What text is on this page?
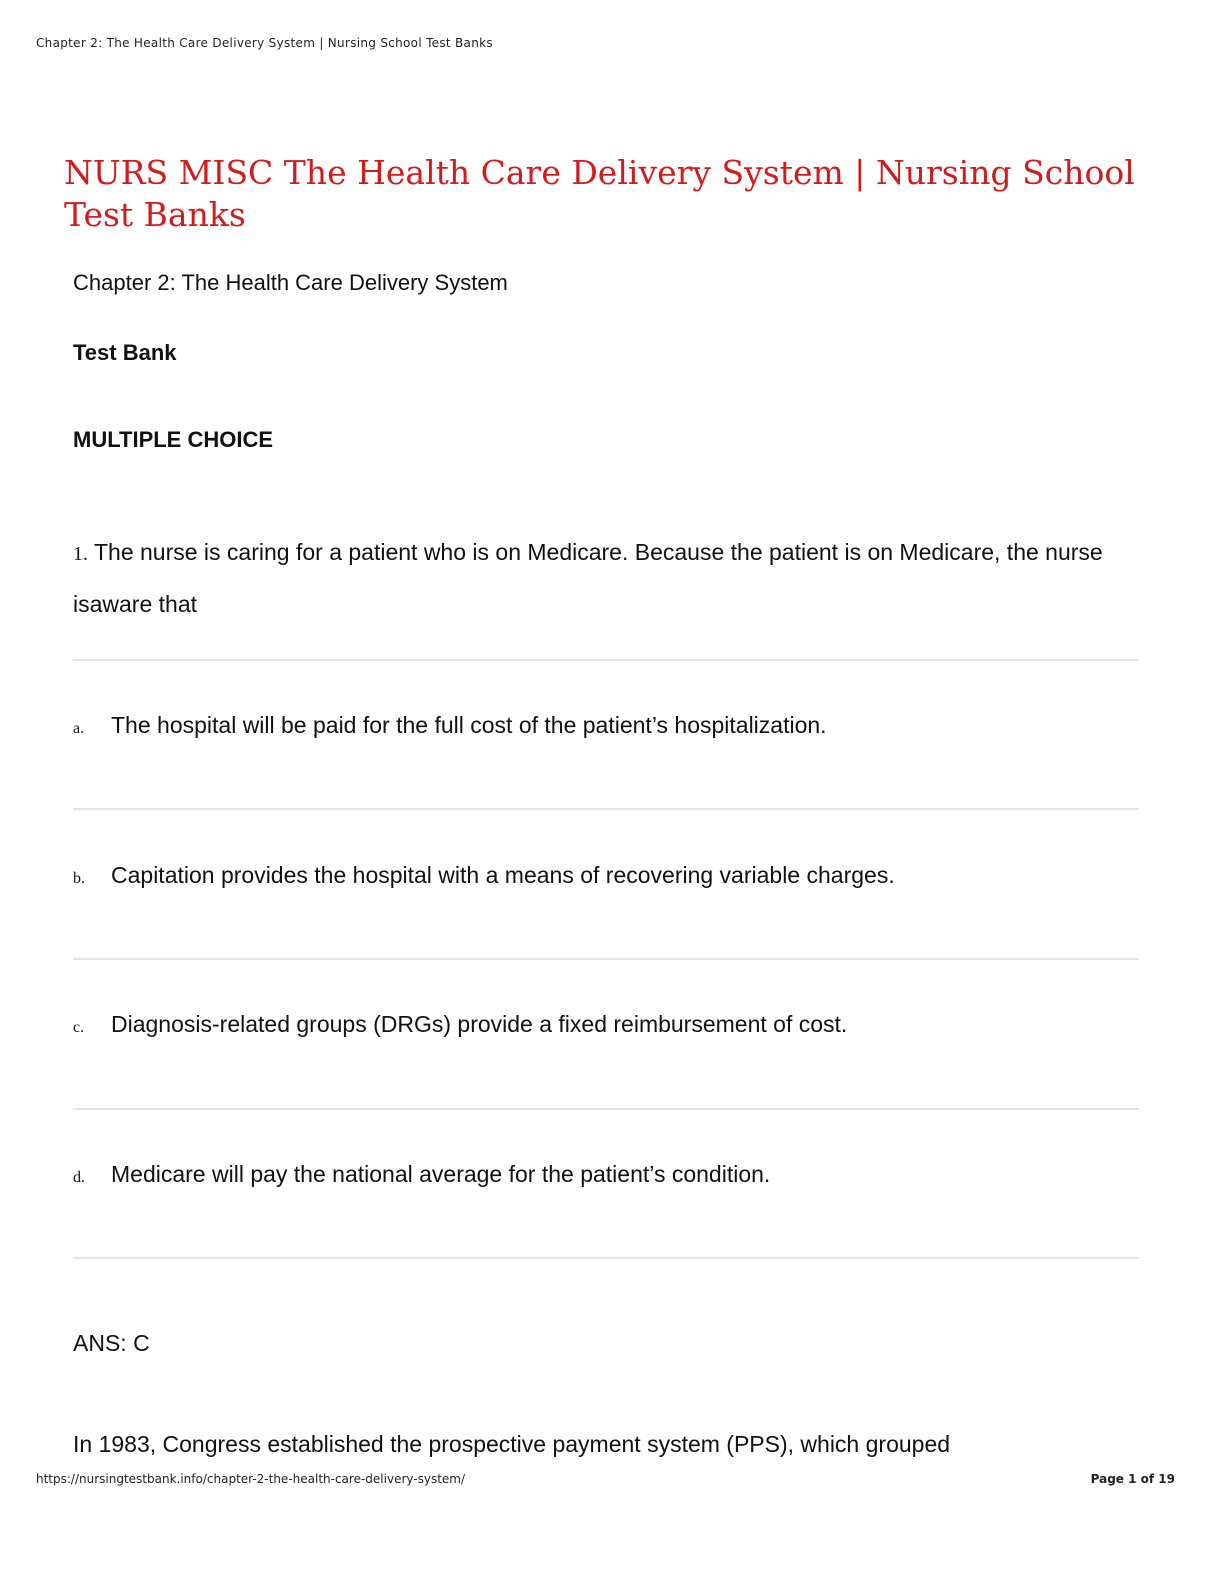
Chapter 2: The Health Care Delivery System | Nursing School Test Banks
NURS MISC The Health Care Delivery System | Nursing School Test Banks
Chapter 2: The Health Care Delivery System
Test Bank
MULTIPLE CHOICE
1. The nurse is caring for a patient who is on Medicare. Because the patient is on Medicare, the nurse isaware that
a. The hospital will be paid for the full cost of the patient’s hospitalization.
b. Capitation provides the hospital with a means of recovering variable charges.
c. Diagnosis-related groups (DRGs) provide a fixed reimbursement of cost.
d. Medicare will pay the national average for the patient’s condition.
ANS: C
In 1983, Congress established the prospective payment system (PPS), which grouped
https://nursingtestbank.info/chapter-2-the-health-care-delivery-system/	Page 1 of 19
